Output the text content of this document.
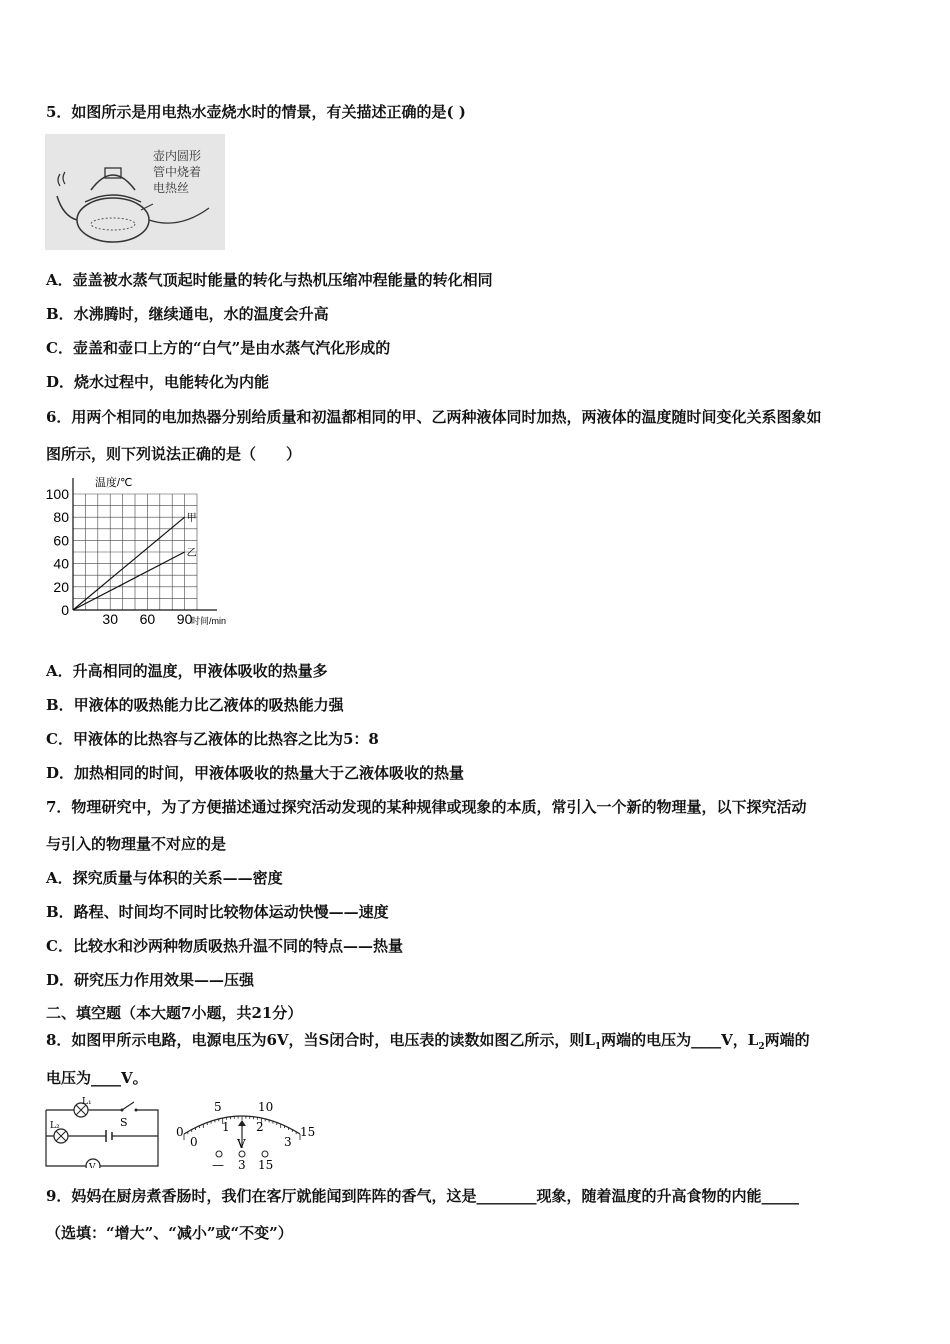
5．如图所示是用电热水壶烧水时的情景，有关描述正确的是( )
壶内圆形
管中烧着
电热丝
A．壶盖被水蒸气顶起时能量的转化与热机压缩冲程能量的转化相同
B．水沸腾时，继续通电，水的温度会升高
C．壶盖和壶口上方的“白气”是由水蒸气汽化形成的
D．烧水过程中，电能转化为内能
6．用两个相同的电加热器分别给质量和初温都相同的甲、乙两种液体同时加热，两液体的温度随时间变化关系图象如
图所示，则下列说法正确的是（　　）
0
20
40
60
80
100
30 60 90
甲
乙
温度/℃
时间/min
A．升高相同的温度，甲液体吸收的热量多
B．甲液体的吸热能力比乙液体的吸热能力强
C．甲液体的比热容与乙液体的比热容之比为5：8
D．加热相同的时间，甲液体吸收的热量大于乙液体吸收的热量
7．物理研究中，为了方便描述通过探究活动发现的某种规律或现象的本质，常引入一个新的物理量，以下探究活动
与引入的物理量不对应的是
A．探究质量与体积的关系——密度
B．路程、时间均不同时比较物体运动快慢——速度
C．比较水和沙两种物质吸热升温不同的特点——热量
D．研究压力作用效果——压强
二、填空题（本大题7小题，共21分）
8．如图甲所示电路，电源电压为6V，当S闭合时，电压表的读数如图乙所示，则$L_1$两端的电压为____V，$L_2$两端的
电压为____V。
L₁
S
L₂
V
0
5	10
15
0
1 2
3
V
— 3 15
9．妈妈在厨房煮香肠时，我们在客厅就能闻到阵阵的香气，这是________现象，随着温度的升高食物的内能_____
（选填：“增大”、“减小”或“不变”）
